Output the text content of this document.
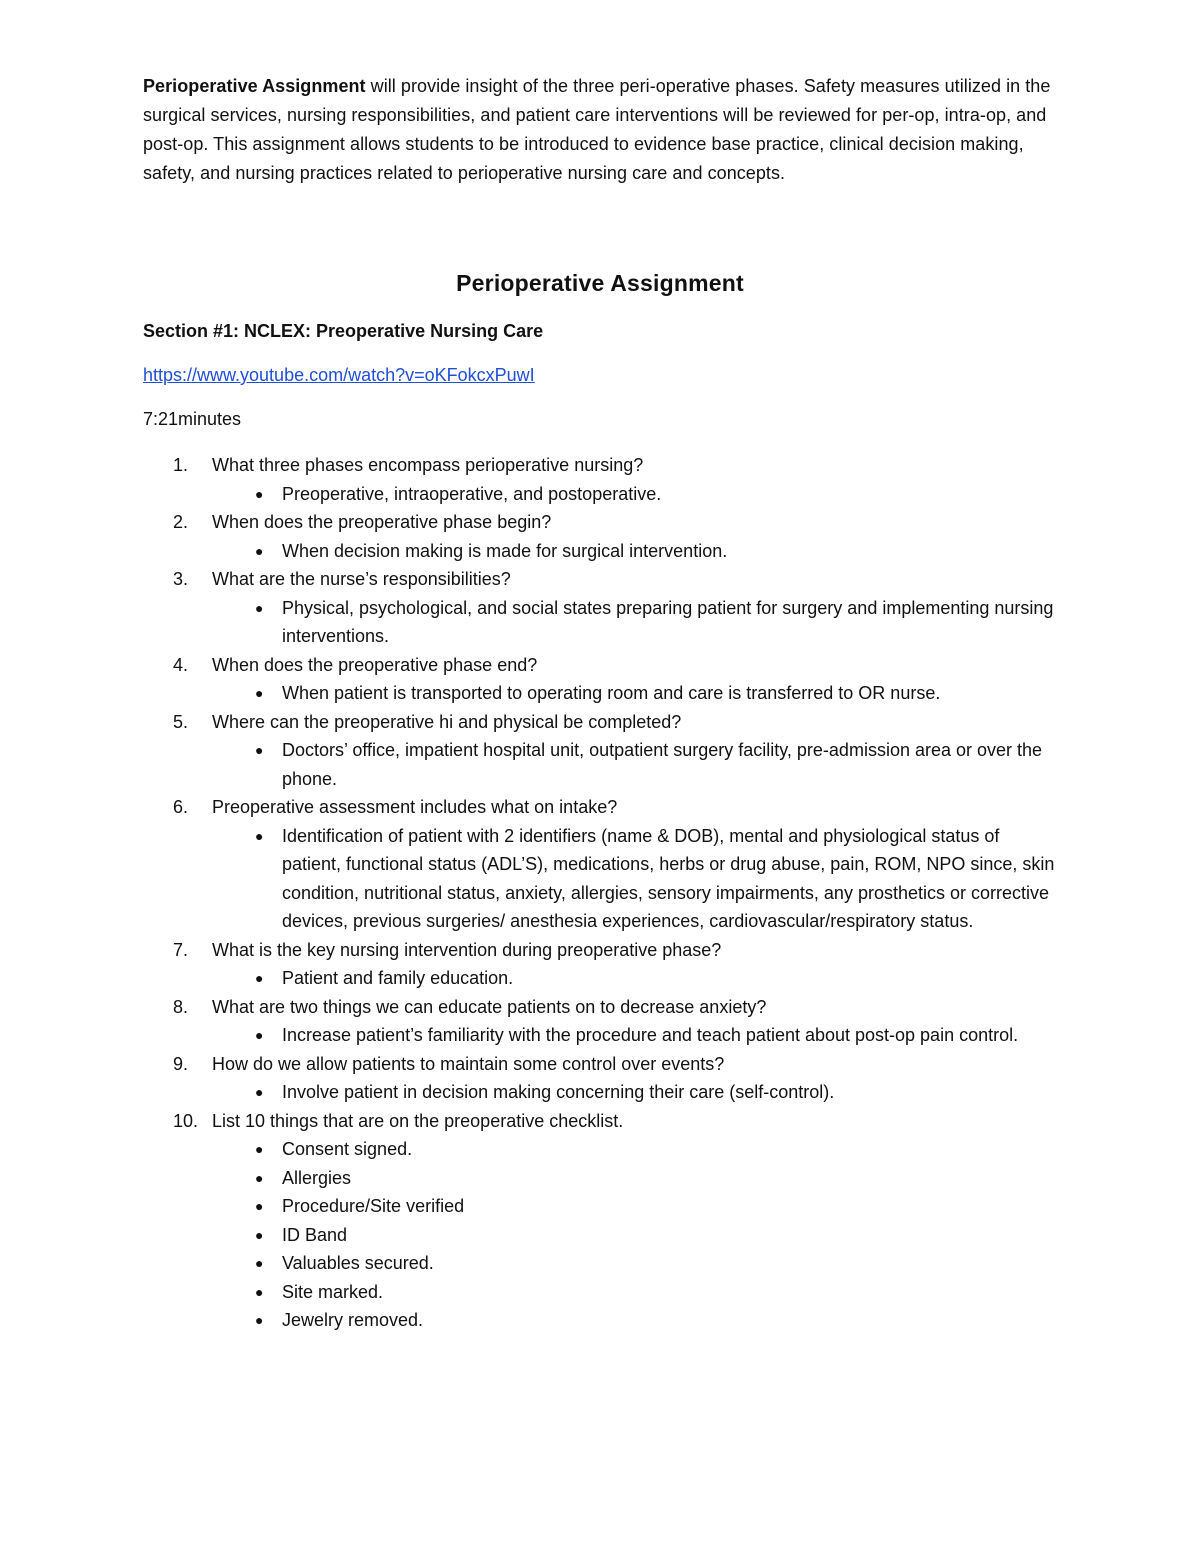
Perioperative Assignment will provide insight of the three peri-operative phases. Safety measures utilized in the surgical services, nursing responsibilities, and patient care interventions will be reviewed for per-op, intra-op, and post-op. This assignment allows students to be introduced to evidence base practice, clinical decision making, safety, and nursing practices related to perioperative nursing care and concepts.

Perioperative Assignment

Section #1: NCLEX: Preoperative Nursing Care

https://www.youtube.com/watch?v=oKFokcxPuwI

7:21minutes

1.	What three phases encompass perioperative nursing?
● Preoperative, intraoperative, and postoperative.
2.	When does the preoperative phase begin?
● When decision making is made for surgical intervention.
3.	What are the nurse’s responsibilities?
● Physical, psychological, and social states preparing patient for surgery and implementing nursing interventions.
4.	When does the preoperative phase end?
● When patient is transported to operating room and care is transferred to OR nurse.
5.	Where can the preoperative hi and physical be completed?
● Doctors’ office, impatient hospital unit, outpatient surgery facility, pre-admission area or over the phone.
6.	Preoperative assessment includes what on intake?
● Identification of patient with 2 identifiers (name & DOB), mental and physiological status of patient, functional status (ADL’S), medications, herbs or drug abuse, pain, ROM, NPO since, skin condition, nutritional status, anxiety, allergies, sensory impairments, any prosthetics or corrective devices, previous surgeries/ anesthesia experiences, cardiovascular/respiratory status.
7.	What is the key nursing intervention during preoperative phase?
● Patient and family education.
8.	What are two things we can educate patients on to decrease anxiety?
● Increase patient’s familiarity with the procedure and teach patient about post-op pain control.
9.	How do we allow patients to maintain some control over events?
● Involve patient in decision making concerning their care (self-control).
10. List 10 things that are on the preoperative checklist.
● Consent signed.
● Allergies
● Procedure/Site verified
● ID Band
● Valuables secured.
● Site marked.
● Jewelry removed.
